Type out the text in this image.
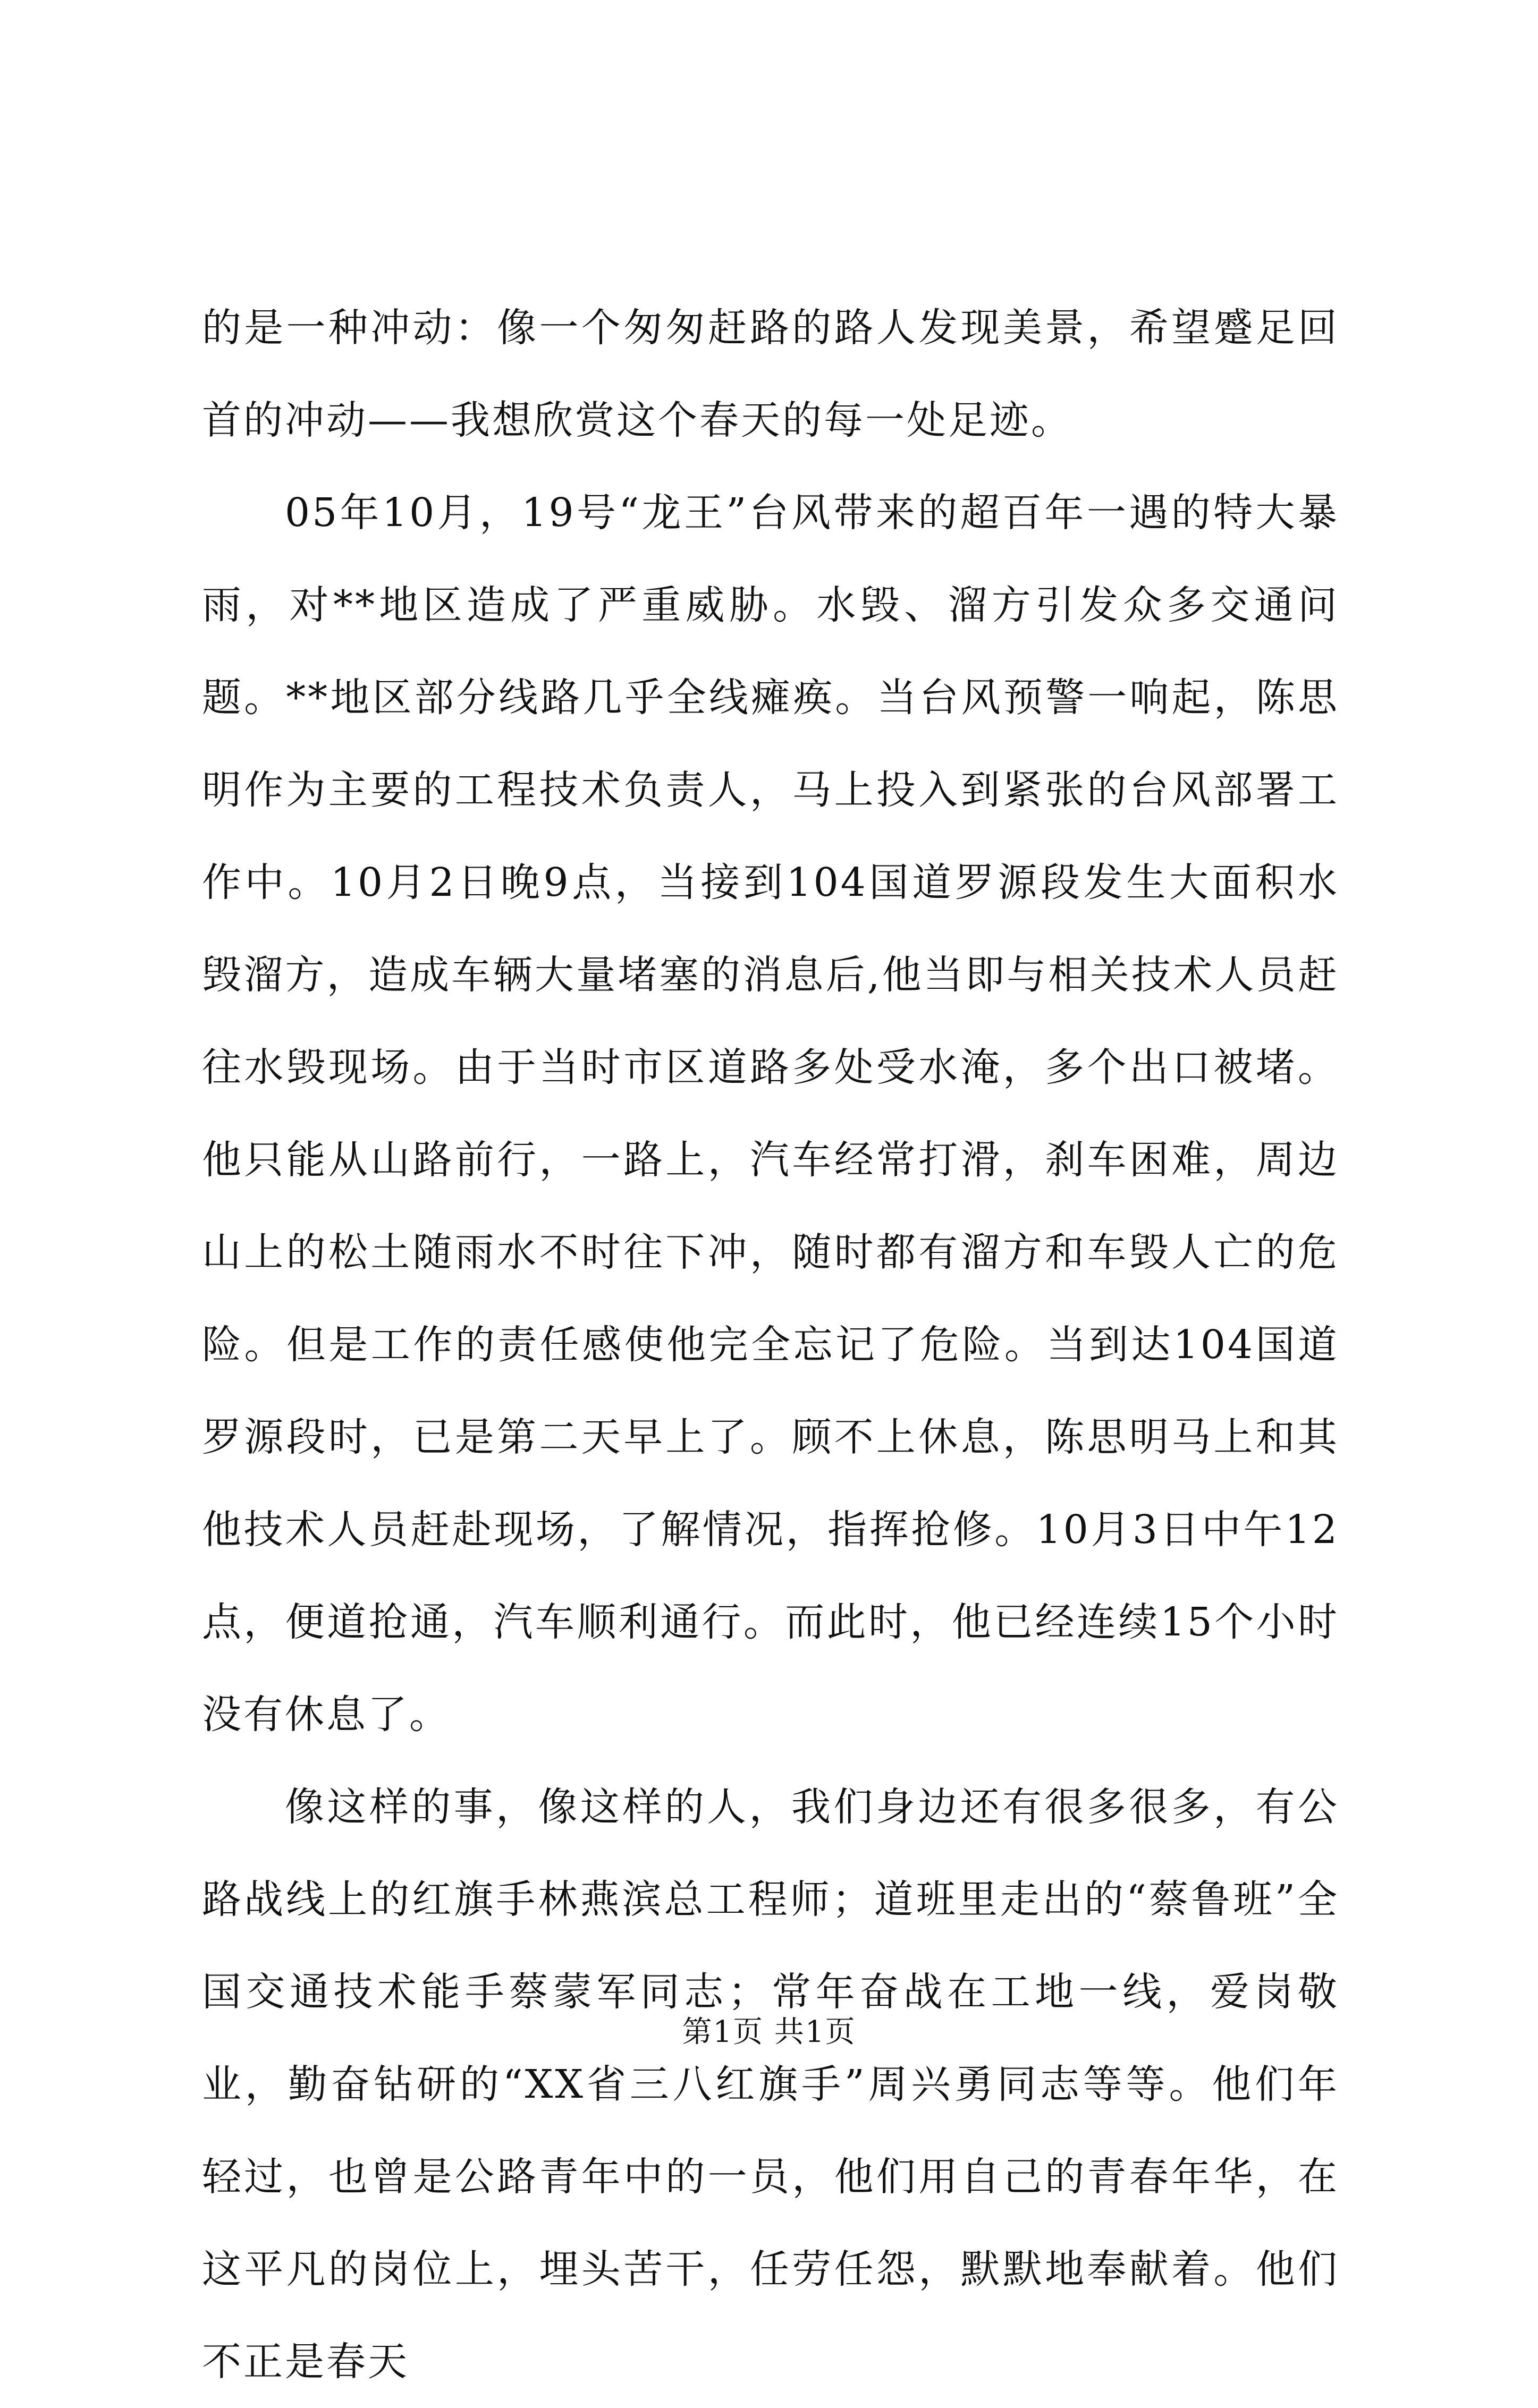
的是一种冲动：像一个匆匆赶路的路人发现美景，希望蹙足回首的冲动——我想欣赏这个春天的每一处足迹。

05年10月，19号“龙王”台风带来的超百年一遇的特大暴雨，对**地区造成了严重威胁。水毁、溜方引发众多交通问题。**地区部分线路几乎全线瘫痪。当台风预警一响起，陈思明作为主要的工程技术负责人，马上投入到紧张的台风部署工作中。10月2日晚9点，当接到104国道罗源段发生大面积水毁溜方，造成车辆大量堵塞的消息后,他当即与相关技术人员赶往水毁现场。由于当时市区道路多处受水淹，多个出口被堵。他只能从山路前行，一路上，汽车经常打滑，刹车困难，周边山上的松土随雨水不时往下冲，随时都有溜方和车毁人亡的危险。但是工作的责任感使他完全忘记了危险。当到达104国道罗源段时，已是第二天早上了。顾不上休息，陈思明马上和其他技术人员赶赴现场，了解情况，指挥抢修。10月3日中午12点，便道抢通，汽车顺利通行。而此时，他已经连续15个小时没有休息了。

像这样的事，像这样的人，我们身边还有很多很多，有公路战线上的红旗手林燕滨总工程师；道班里走出的“蔡鲁班”全国交通技术能手蔡蒙军同志；常年奋战在工地一线，爱岗敬业，勤奋钻研的“XX省三八红旗手”周兴勇同志等等。他们年轻过，也曾是公路青年中的一员，他们用自己的青春年华，在这平凡的岗位上，埋头苦干，任劳任怨，默默地奉献着。他们不正是春天

第1页 共1页
